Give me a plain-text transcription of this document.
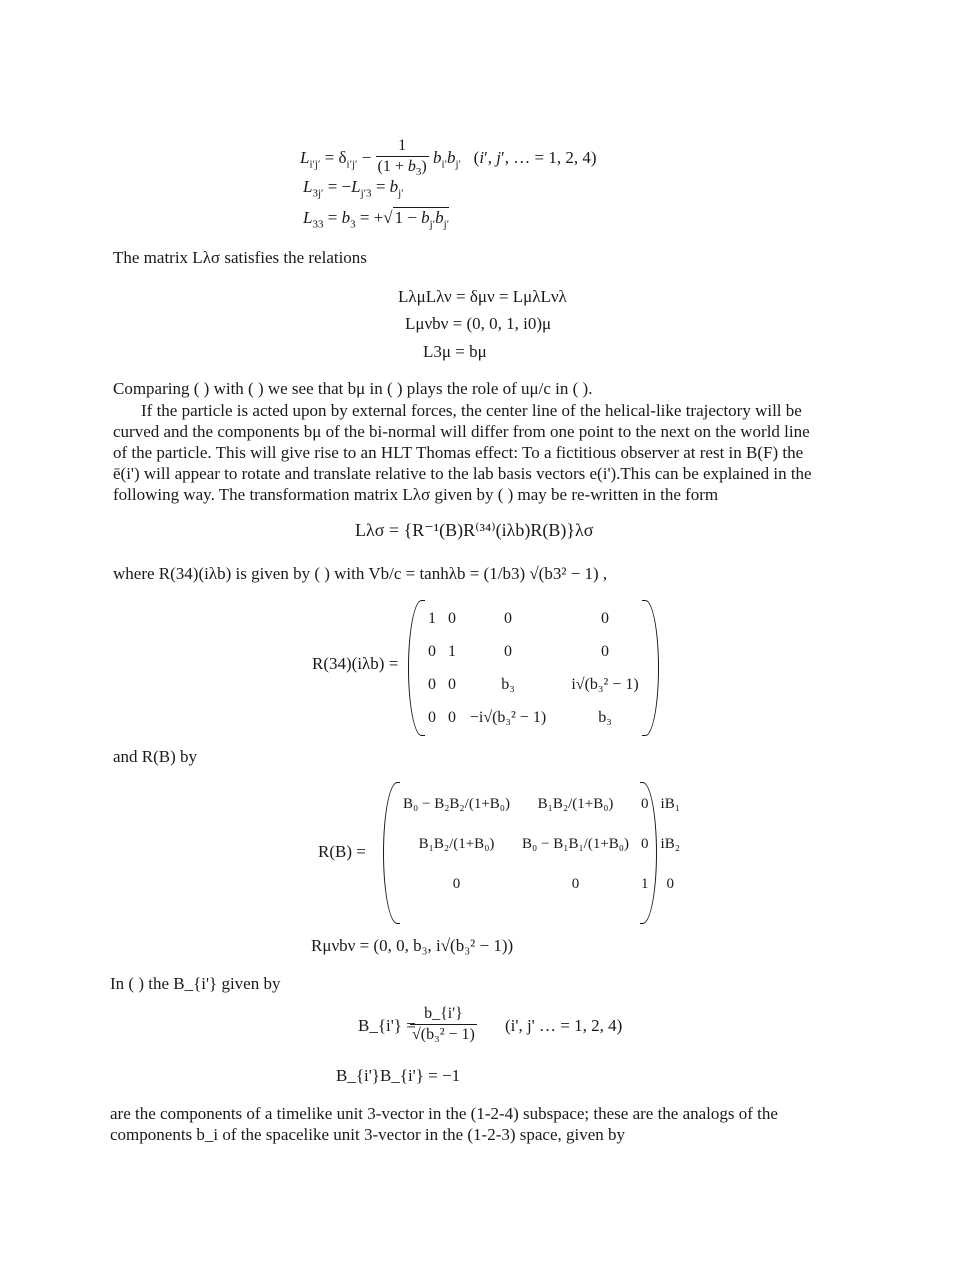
$L_{i'j'} = \delta_{i'j'} - \frac{1}{(1 + b_3)} b_{i'}b_{j'}$   (i′, j′, … = 1, 2, 4)
$L_{3j'} = -L_{j'3} = b_{j'}$
$L_{33} = b_3$ = +√ $1 - b_{j'}b_{j'}$
The matrix Lλσ satisfies the relations
LλμLλν = δμν = LμλLνλ
Lμνbν = (0, 0, 1, i0)μ
L3μ = bμ
Comparing ( ) with ( ) we see that bμ in ( ) plays the role of uμ/c in ( ).
If the particle is acted upon by external forces, the center line of the helical-like trajectory will be
curved and the components bμ of the bi-normal will differ from one point to the next on the world line
of the particle. This will give rise to an HLT Thomas effect: To a fictitious observer at rest in B(F) the
ē(i') will appear to rotate and translate relative to the lab basis vectors e(i').This can be explained in the
following way. The transformation matrix Lλσ given by ( ) may be re-written in the form
Lλσ = {R⁻¹(B)R⁽³⁴⁾(iλb)R(B)}λσ
where R(34)(iλb) is given by ( ) with Vb/c = tanhλb = (1/b3) √(b3² − 1) ,
R(34)(iλb) =
1	0	0	0
0	1	0	0
0	0	b₃	i√(b₃² − 1)
0	0	−i√(b₃² − 1)	b₃
and R(B) by
R(B) =
B₀ − B₂B₂/(1+B₀)	B₁B₂/(1+B₀)	0	iB₁
B₁B₂/(1+B₀)	B₀ − B₁B₁/(1+B₀)	0	iB₂
0	0	1	0
Rμνbν = (0, 0, b₃, i√(b₃² − 1))
In ( ) the B_{i'} given by
B_{i'} =
$\frac{b\_\{i'\}}{\text{√(b₃² − 1)}} (i'$, j' … = 1, 2, 4)
B_{i'}B_{i'} = −1
are the components of a timelike unit 3-vector in the (1-2-4) subspace; these are the analogs of the
components b_i of the spacelike unit 3-vector in the (1-2-3) space, given by
